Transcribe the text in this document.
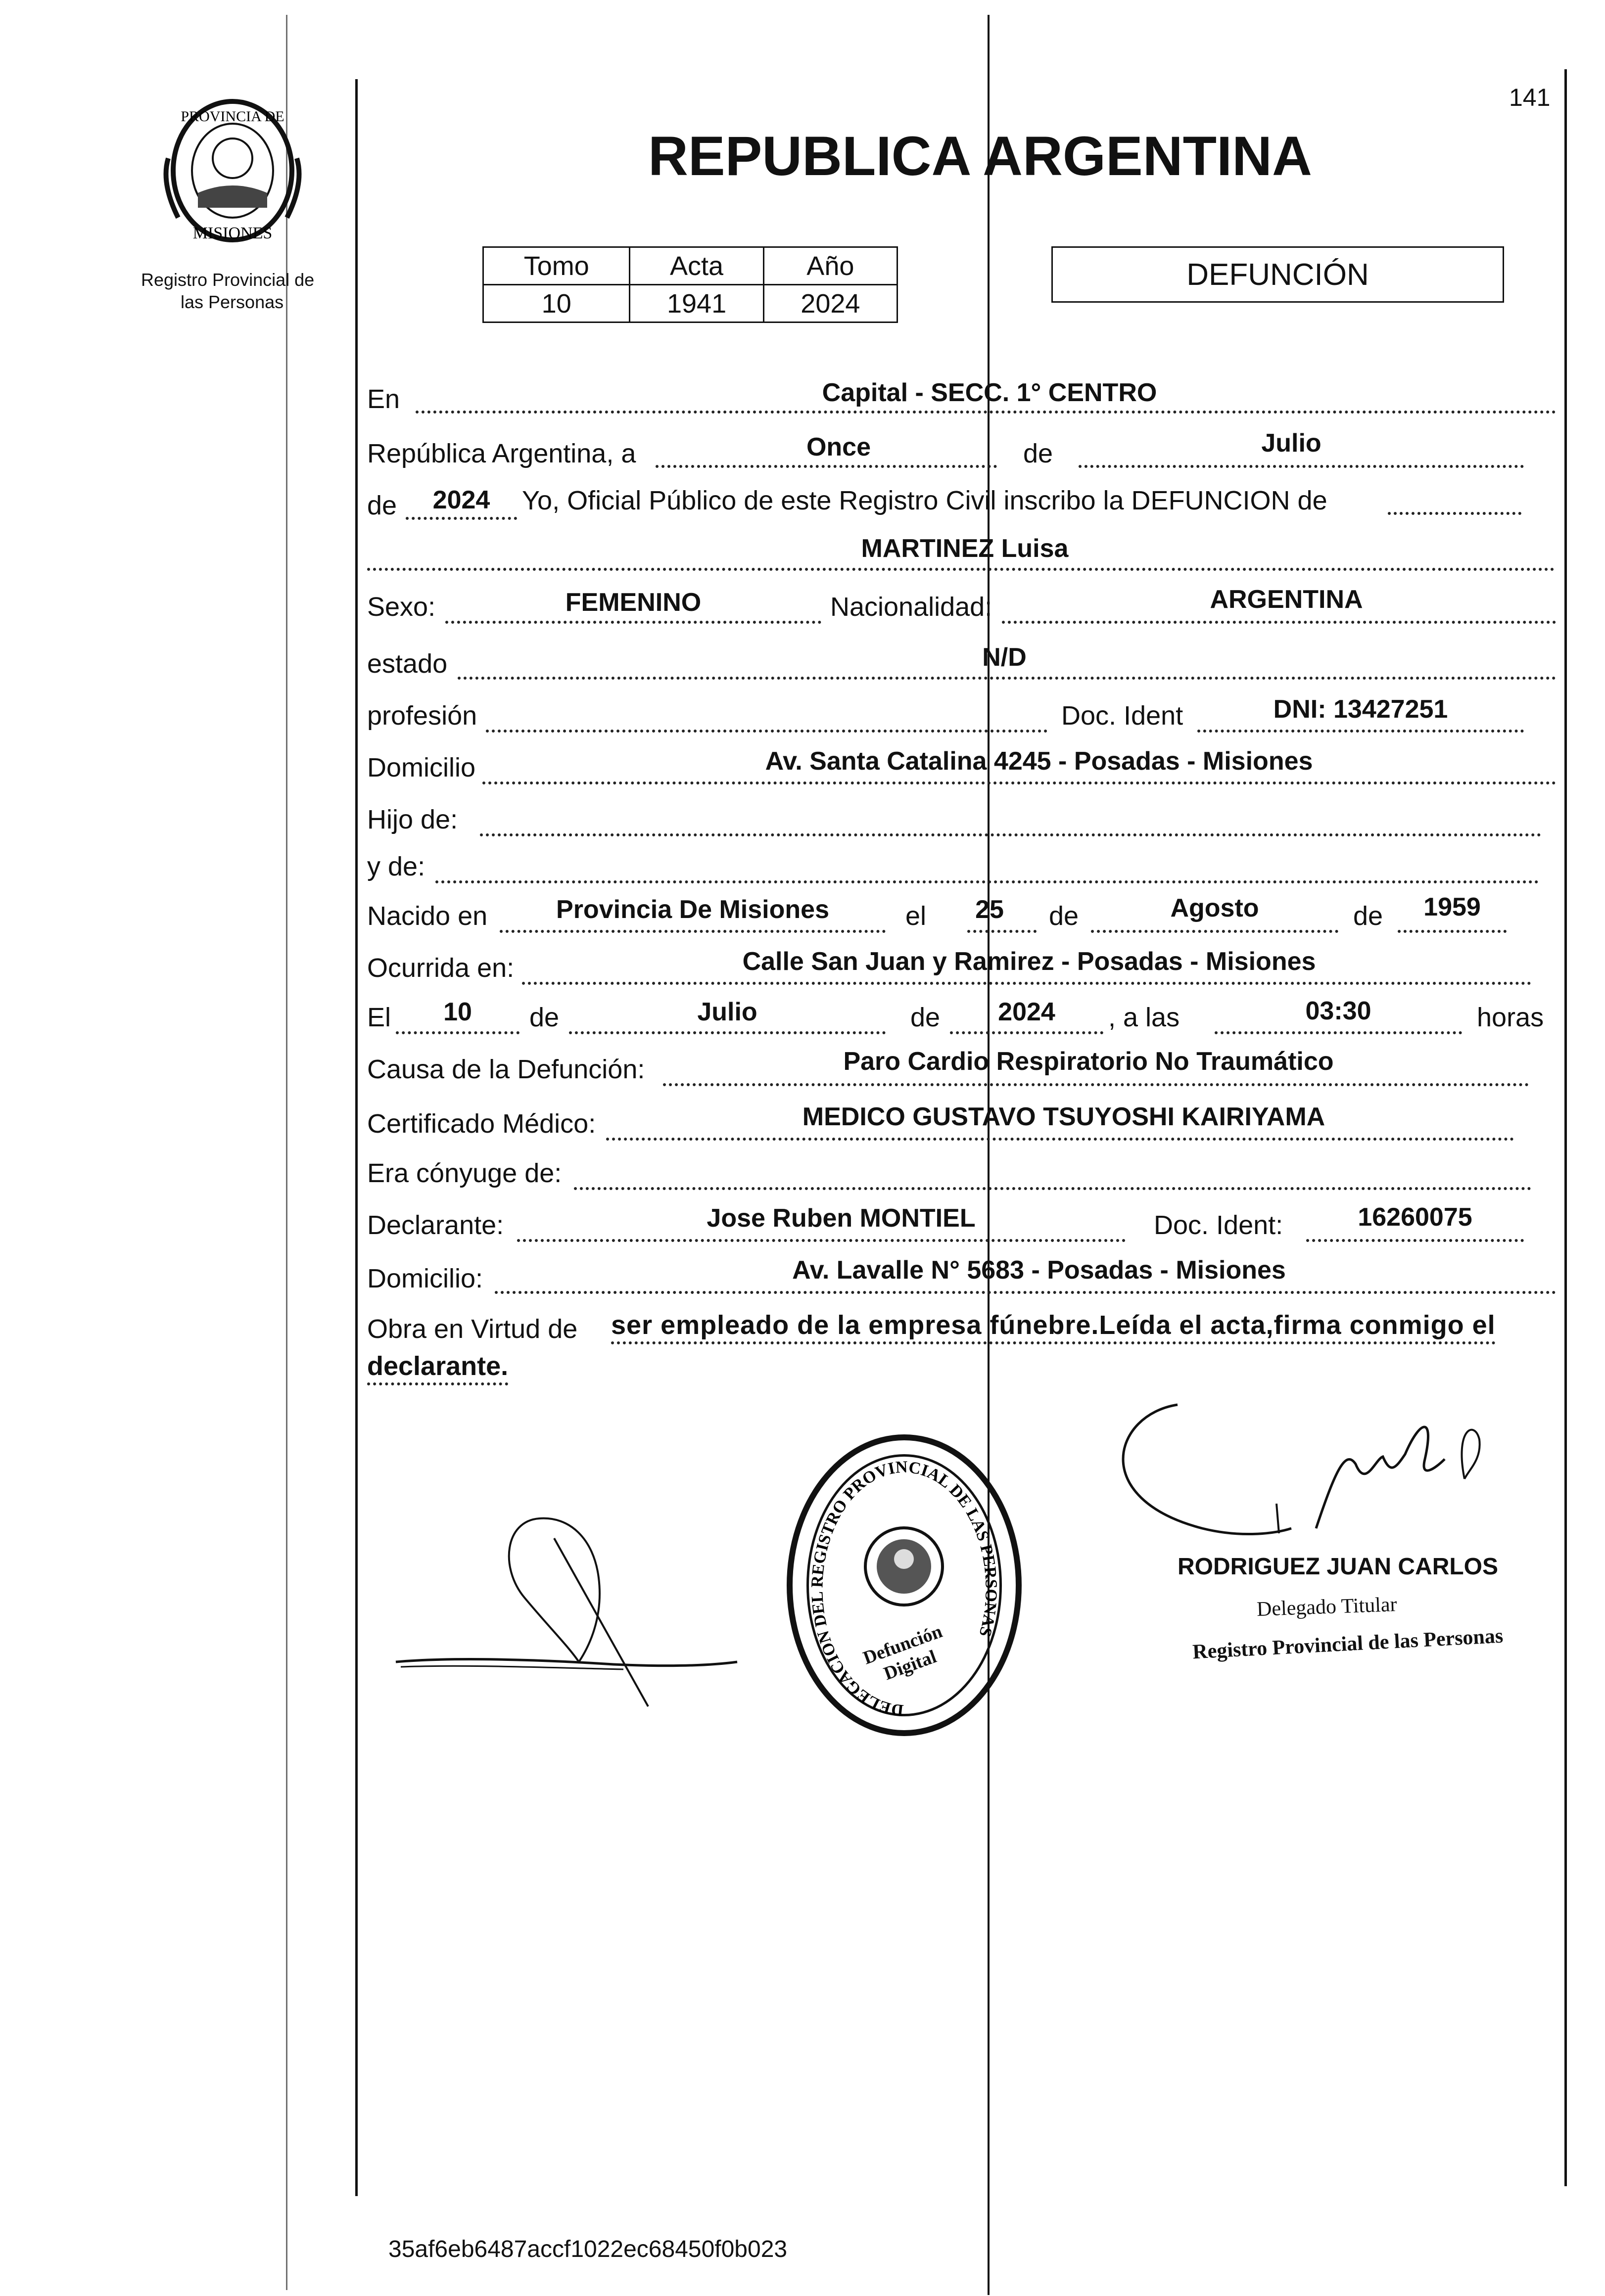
141
PROVINCIA DE
MISIONES
Registro Provincial de
las Personas
REPUBLICA ARGENTINA
Tomo	Acta	Año
10	1941	2024
DEFUNCIÓN
En	Capital - SECC. 1° CENTRO
República Argentina, a	Once	de	Julio
de	2024	Yo, Oficial Público de este Registro Civil inscribo la DEFUNCION de
MARTINEZ Luisa
Sexo:	FEMENINO	Nacionalidad:	ARGENTINA
estado	N/D
profesión	Doc. Ident	DNI: 13427251
Domicilio	Av. Santa Catalina 4245 - Posadas - Misiones
Hijo de:
y de:
Nacido en	Provincia De Misiones	el	25 de	Agosto	de	1959
Ocurrida en:	Calle San Juan y Ramirez - Posadas - Misiones
El	10	de	Julio	de	2024	, a las	03:30	horas
Causa de la Defunción:	Paro Cardio Respiratorio No Traumático
Certificado Médico:	MEDICO GUSTAVO TSUYOSHI KAIRIYAMA
Era cónyuge de:
Declarante:	Jose Ruben MONTIEL	Doc. Ident:	16260075
Domicilio:	Av. Lavalle N° 5683 - Posadas - Misiones
Obra en Virtud de ser empleado de la empresa fúnebre.Leída el acta,firma conmigo el
declarante.
DELEGACION DEL REGISTRO PROVINCIAL DE LAS PERSONAS
Defunción Digital
RODRIGUEZ JUAN CARLOS
Delegado Titular
Registro Provincial de las Personas
35af6eb6487accf1022ec68450f0b023
